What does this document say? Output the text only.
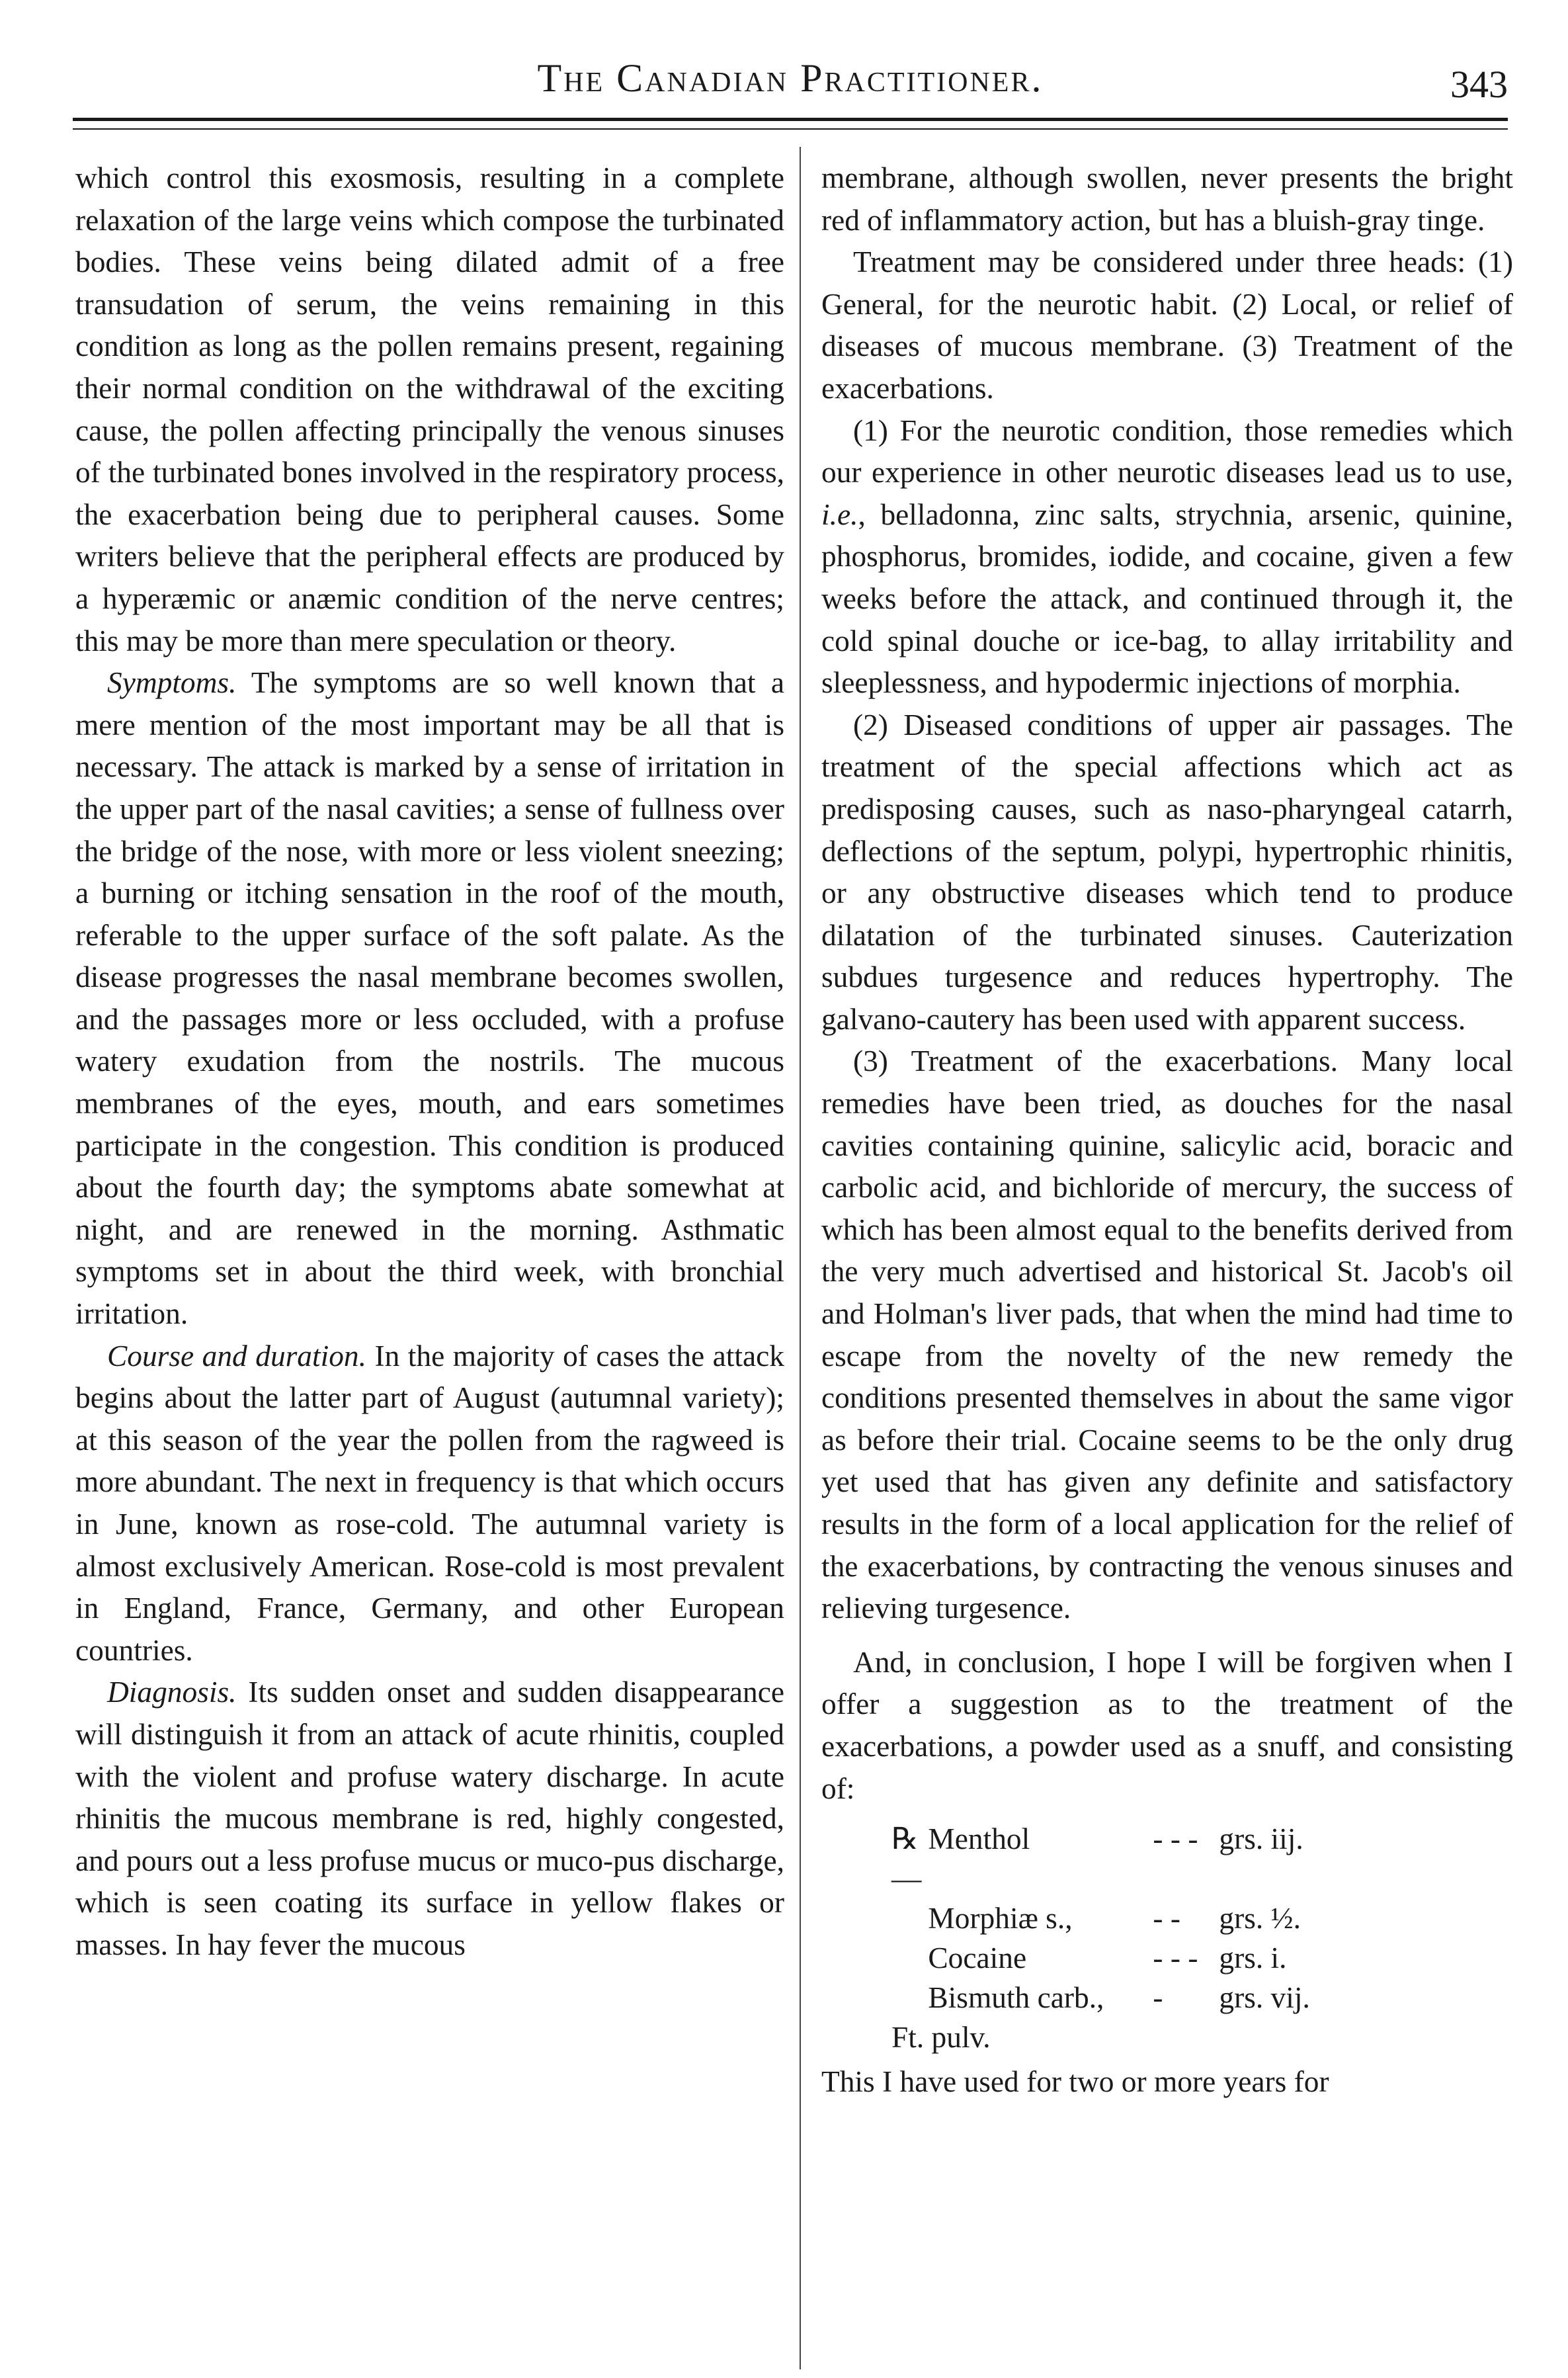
The Canadian Practitioner.	343

which control this exosmosis, resulting in a complete relaxation of the large veins which compose the turbinated bodies. These veins being dilated admit of a free transudation of serum, the veins remaining in this condition as long as the pollen remains present, regaining their normal condition on the withdrawal of the exciting cause, the pollen affecting principally the venous sinuses of the turbinated bones involved in the respiratory process, the exacerbation being due to peripheral causes. Some writers believe that the peripheral effects are produced by a hyperæmic or anæmic condition of the nerve centres; this may be more than mere speculation or theory.

Symptoms. The symptoms are so well known that a mere mention of the most important may be all that is necessary. The attack is marked by a sense of irritation in the upper part of the nasal cavities; a sense of fullness over the bridge of the nose, with more or less violent sneezing; a burning or itching sensation in the roof of the mouth, referable to the upper surface of the soft palate. As the disease progresses the nasal membrane becomes swollen, and the passages more or less occluded, with a profuse watery exudation from the nostrils. The mucous membranes of the eyes, mouth, and ears sometimes participate in the congestion. This condition is produced about the fourth day; the symptoms abate somewhat at night, and are renewed in the morning. Asthmatic symptoms set in about the third week, with bronchial irritation.

Course and duration. In the majority of cases the attack begins about the latter part of August (autumnal variety); at this season of the year the pollen from the ragweed is more abundant. The next in frequency is that which occurs in June, known as rose-cold. The autumnal variety is almost exclusively American. Rose-cold is most prevalent in England, France, Germany, and other European countries.

Diagnosis. Its sudden onset and sudden disappearance will distinguish it from an attack of acute rhinitis, coupled with the violent and profuse watery discharge. In acute rhinitis the mucous membrane is red, highly congested, and pours out a less profuse mucus or muco-pus discharge, which is seen coating its surface in yellow flakes or masses. In hay fever the mucous

membrane, although swollen, never presents the bright red of inflammatory action, but has a bluish-gray tinge.

Treatment may be considered under three heads: (1) General, for the neurotic habit. (2) Local, or relief of diseases of mucous membrane. (3) Treatment of the exacerbations.

(1) For the neurotic condition, those remedies which our experience in other neurotic diseases lead us to use, i.e., belladonna, zinc salts, strychnia, arsenic, quinine, phosphorus, bromides, iodide, and cocaine, given a few weeks before the attack, and continued through it, the cold spinal douche or ice-bag, to allay irritability and sleeplessness, and hypodermic injections of morphia.

(2) Diseased conditions of upper air passages. The treatment of the special affections which act as predisposing causes, such as naso-pharyngeal catarrh, deflections of the septum, polypi, hypertrophic rhinitis, or any obstructive diseases which tend to produce dilatation of the turbinated sinuses. Cauterization subdues turgesence and reduces hypertrophy. The galvano-cautery has been used with apparent success.

(3) Treatment of the exacerbations. Many local remedies have been tried, as douches for the nasal cavities containing quinine, salicylic acid, boracic and carbolic acid, and bichloride of mercury, the success of which has been almost equal to the benefits derived from the very much advertised and historical St. Jacob's oil and Holman's liver pads, that when the mind had time to escape from the novelty of the new remedy the conditions presented themselves in about the same vigor as before their trial. Cocaine seems to be the only drug yet used that has given any definite and satisfactory results in the form of a local application for the relief of the exacerbations, by contracting the venous sinuses and relieving turgesence.

And, in conclusion, I hope I will be forgiven when I offer a suggestion as to the treatment of the exacerbations, a powder used as a snuff, and consisting of:

℞—	Menthol	- - -	grs. iij.
	Morphiæ s.,	- -	grs. ½.
	Cocaine	- - -	grs. i.
	Bismuth carb.,	-	grs. vij.
Ft. pulv.

This I have used for two or more years for
